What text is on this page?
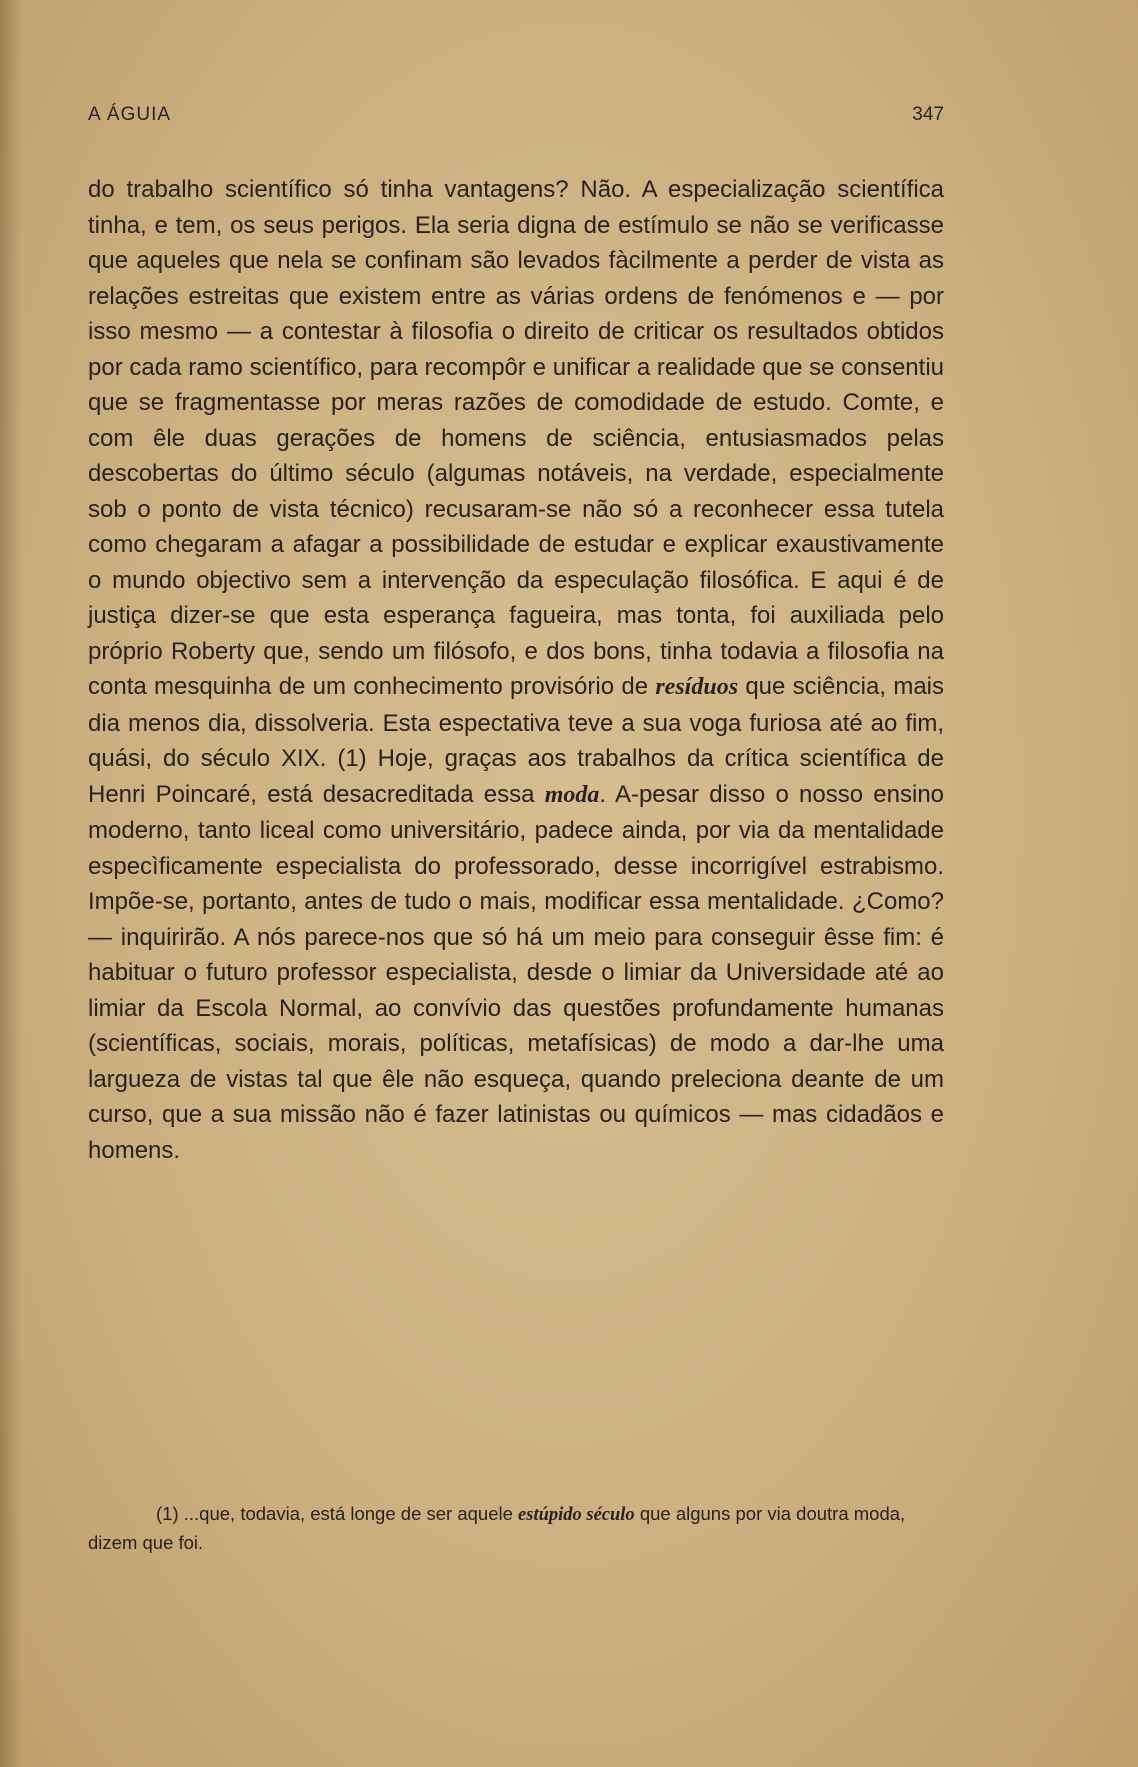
A ÁGUIA	347

do trabalho scientífico só tinha vantagens? Não. A especialização scientífica tinha, e tem, os seus perigos. Ela seria digna de estímulo se não se verificasse que aqueles que nela se confinam são levados fàcilmente a perder de vista as relações estreitas que existem entre as várias ordens de fenómenos e — por isso mesmo — a contestar à filosofia o direito de criticar os resultados obtidos por cada ramo scientífico, para recompôr e unificar a realidade que se consentiu que se fragmentasse por meras razões de comodidade de estudo. Comte, e com êle duas gerações de homens de sciência, entusiasmados pelas descobertas do último século (algumas notáveis, na verdade, especialmente sob o ponto de vista técnico) recusaram-se não só a reconhecer essa tutela como chegaram a afagar a possibilidade de estudar e explicar exaustivamente o mundo objectivo sem a intervenção da especulação filosófica. E aqui é de justiça dizer-se que esta esperança fagueira, mas tonta, foi auxiliada pelo próprio Roberty que, sendo um filósofo, e dos bons, tinha todavia a filosofia na conta mesquinha de um conhecimento provisório de resíduos que sciência, mais dia menos dia, dissolveria. Esta espectativa teve a sua voga furiosa até ao fim, quási, do século XIX. (1) Hoje, graças aos trabalhos da crítica scientífica de Henri Poincaré, está desacreditada essa moda. A-pesar disso o nosso ensino moderno, tanto liceal como universitário, padece ainda, por via da mentalidade especìficamente especialista do professorado, desse incorrigível estrabismo. Impõe-se, portanto, antes de tudo o mais, modificar essa mentalidade. ¿Como? — inquirirão. A nós parece-nos que só há um meio para conseguir êsse fim: é habituar o futuro professor especialista, desde o limiar da Universidade até ao limiar da Escola Normal, ao convívio das questões profundamente humanas (scientíficas, sociais, morais, políticas, metafísicas) de modo a dar-lhe uma largueza de vistas tal que êle não esqueça, quando preleciona deante de um curso, que a sua missão não é fazer latinistas ou químicos — mas cidadãos e homens.

(1) ...que, todavia, está longe de ser aquele estúpido século que alguns por via doutra moda, dizem que foi.
